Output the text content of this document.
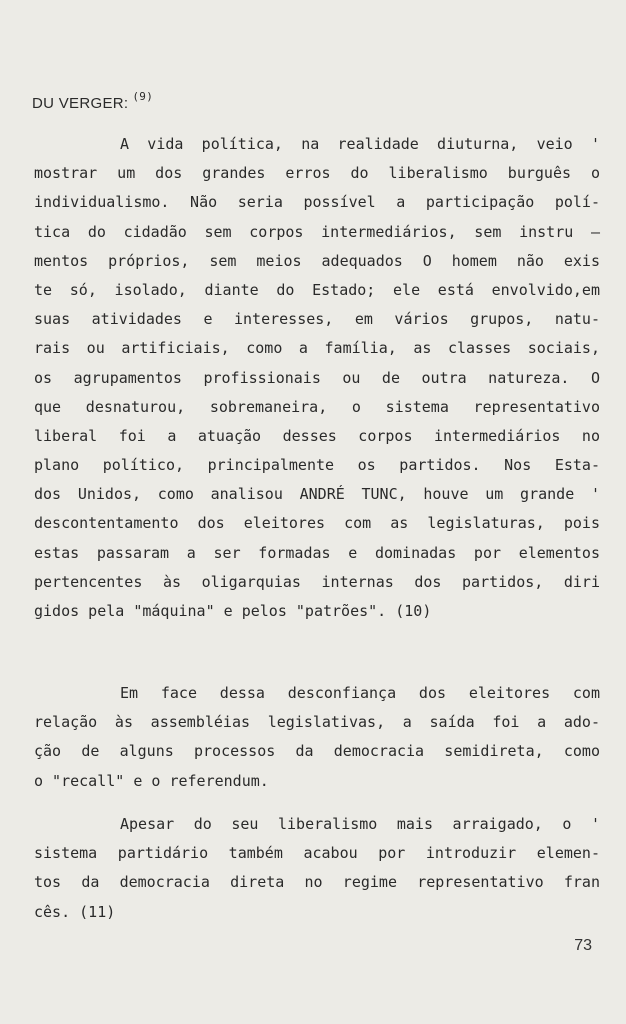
DU VERGER: $^{(9)}$
A vida política, na realidade diuturna, veio '
mostrar um dos grandes erros do liberalismo burguês o
individualismo. Não seria possível a participação polí-
tica do cidadão sem corpos intermediários, sem instru —
mentos próprios, sem meios adequados O homem não exis
te só, isolado, diante do Estado; ele está envolvido,em
suas atividades e interesses, em vários grupos, natu-
rais ou artificiais, como a família, as classes sociais,
os agrupamentos profissionais ou de outra natureza. O
que desnaturou, sobremaneira, o sistema representativo
liberal foi a atuação desses corpos intermediários no
plano político, principalmente os partidos. Nos Esta-
dos Unidos, como analisou ANDRÉ TUNC, houve um grande '
descontentamento dos eleitores com as legislaturas, pois
estas passaram a ser formadas e dominadas por elementos
pertencentes às oligarquias internas dos partidos, diri
gidos pela "máquina" e pelos "patrões". (10)
Em face dessa desconfiança dos eleitores com
relação às assembléias legislativas, a saída foi a ado-
ção de alguns processos da democracia semidireta, como
o "recall" e o referendum.
Apesar do seu liberalismo mais arraigado, o '
sistema partidário também acabou por introduzir elemen-
tos da democracia direta no regime representativo fran
cês. (11)
73
